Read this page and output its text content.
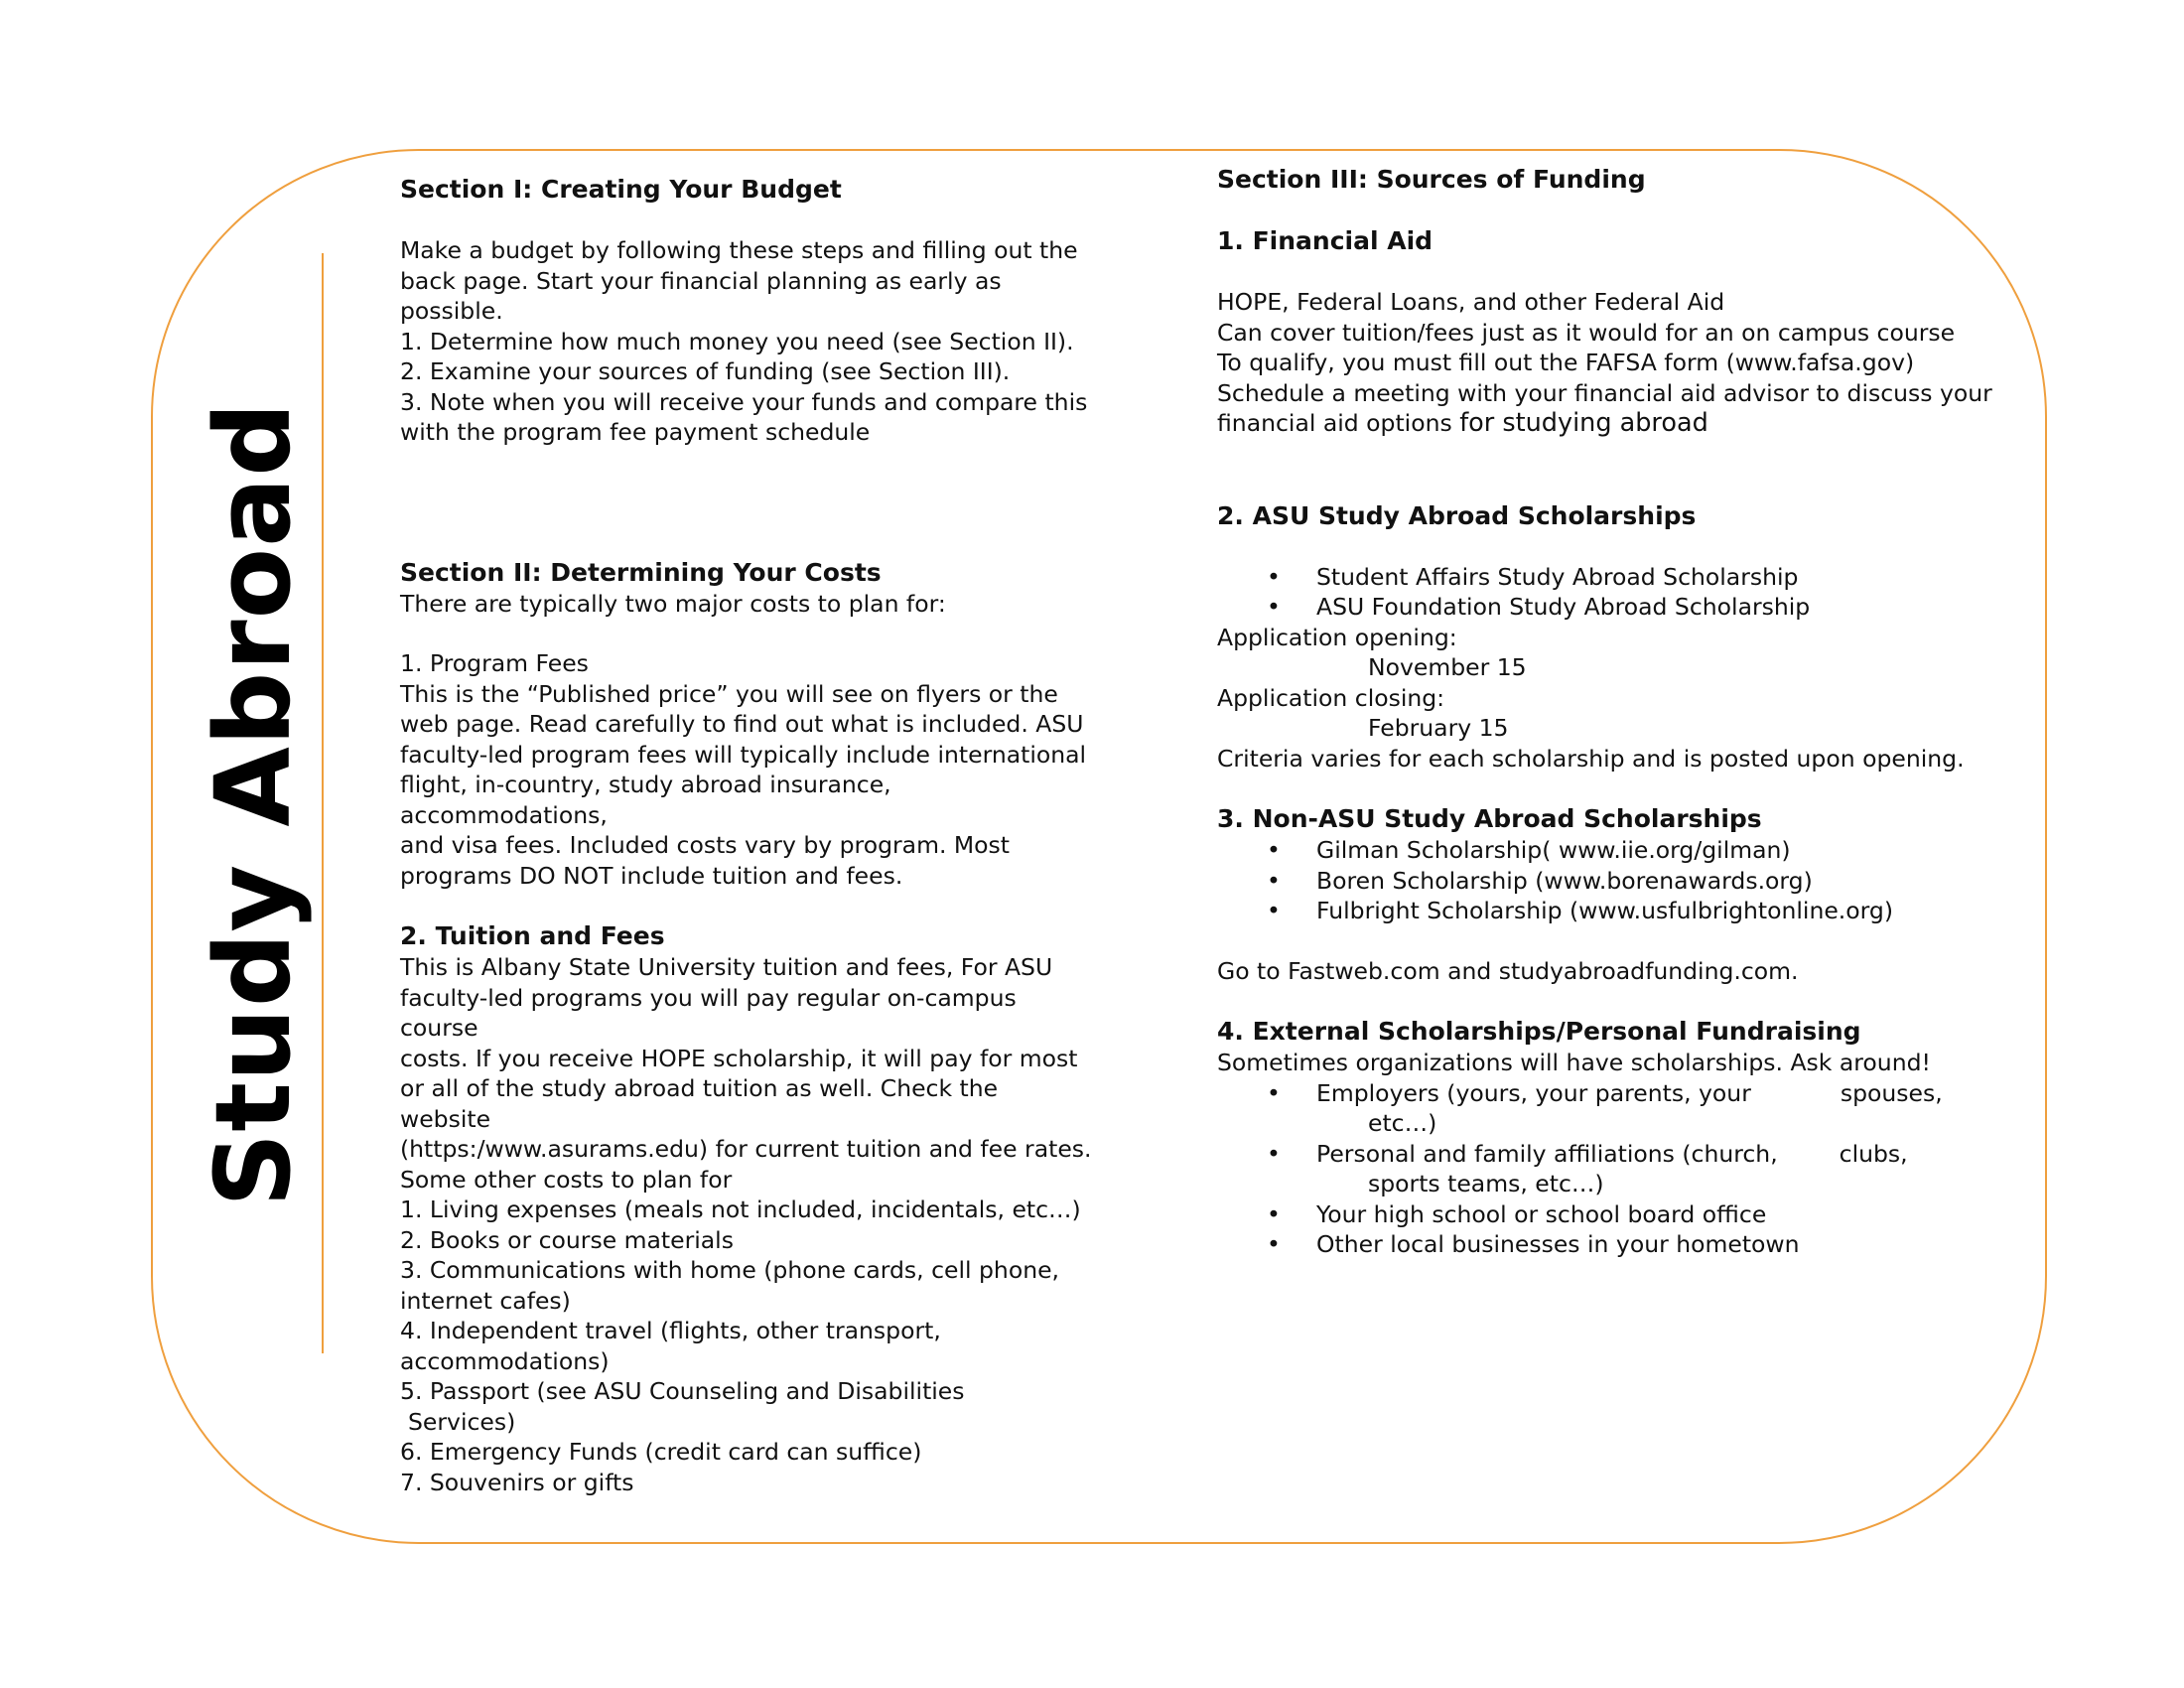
Study Abroad

Section I: Creating Your Budget

Make a budget by following these steps and filling out the

back page. Start your financial planning as early as

possible.

1. Determine how much money you need (see Section II).

2. Examine your sources of funding (see Section III).

3. Note when you will receive your funds and compare this

with the program fee payment schedule

Section II: Determining Your Costs

There are typically two major costs to plan for:

1. Program Fees

This is the “Published price” you will see on flyers or the

web page. Read carefully to find out what is included. ASU

faculty-led program fees will typically include international

flight, in-country, study abroad insurance, accommodations,

and visa fees. Included costs vary by program. Most

programs DO NOT include tuition and fees.

2. Tuition and Fees

This is Albany State University tuition and fees, For ASU

faculty-led programs you will pay regular on-campus course

costs. If you receive HOPE scholarship, it will pay for most

or all of the study abroad tuition as well. Check the website

(https:/www.asurams.edu) for current tuition and fee rates.

Some other costs to plan for

1. Living expenses (meals not included, incidentals, etc…)

2. Books or course materials

3. Communications with home (phone cards, cell phone,

internet cafes)

4. Independent travel (flights, other transport,

accommodations)

5. Passport (see ASU Counseling and Disabilities

Services)

6. Emergency Funds (credit card can suffice)

7. Souvenirs or gifts

Section III: Sources of Funding

1. Financial Aid

HOPE, Federal Loans, and other Federal Aid

Can cover tuition/fees just as it would for an on campus course

To qualify, you must fill out the FAFSA form (www.fafsa.gov)

Schedule a meeting with your financial aid advisor to discuss your

financial aid options for studying abroad

2. ASU Study Abroad Scholarships

• Student Affairs Study Abroad Scholarship
• ASU Foundation Study Abroad Scholarship

Application opening:

November 15

Application closing:

February 15

Criteria varies for each scholarship and is posted upon opening.

3. Non-ASU Study Abroad Scholarships

• Gilman Scholarship( www.iie.org/gilman)
• Boren Scholarship (www.borenawards.org)
• Fulbright Scholarship (www.usfulbrightonline.org)

Go to Fastweb.com and studyabroadfunding.com.

4. External Scholarships/Personal Fundraising

Sometimes organizations will have scholarships. Ask around!

• Employers (yours, your parents, your	spouses,

etc…)

• Personal and family affiliations (church,	clubs,

sports teams, etc…)

• Your high school or school board office
• Other local businesses in your hometown
